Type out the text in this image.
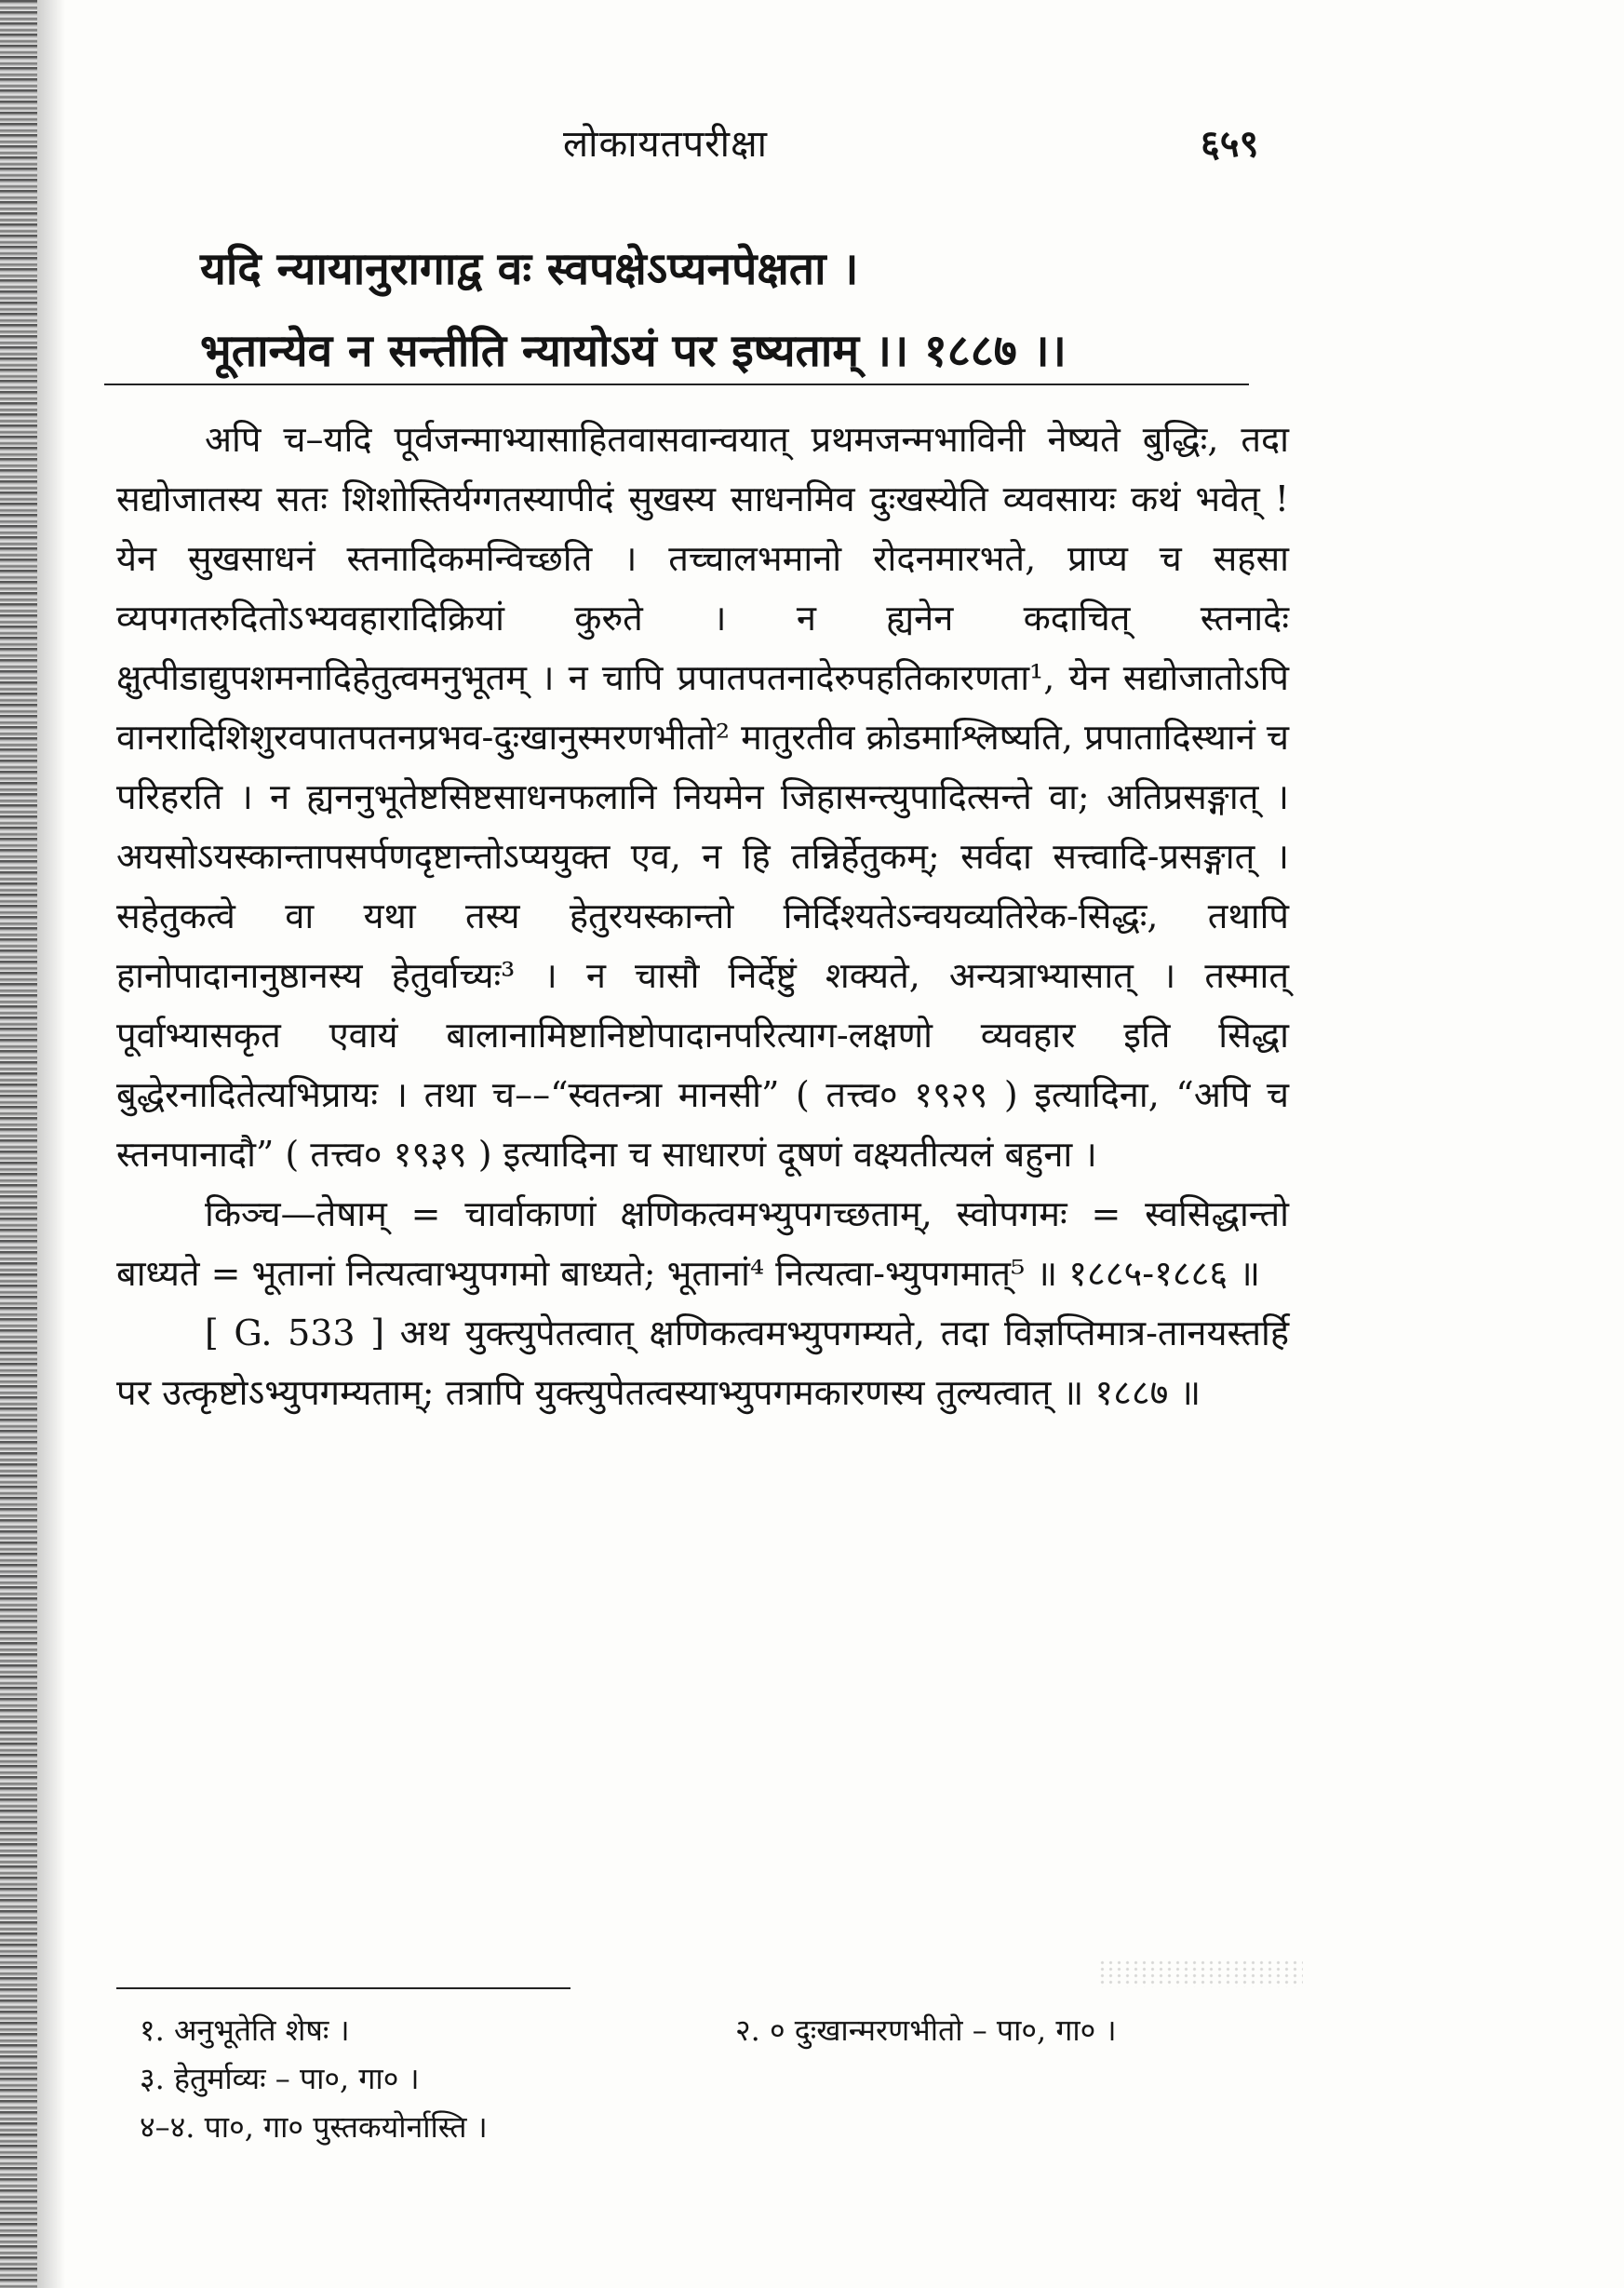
लोकायतपरीक्षा	६५९
यदि न्यायानुरागाद्व वः स्वपक्षेऽप्यनपेक्षता ।
भूतान्येव न सन्तीति न्यायोऽयं पर इष्यताम् ।। १८८७ ।।

अपि च–यदि पूर्वजन्माभ्यासाहितवासवान्वयात् प्रथमजन्मभाविनी नेष्यते बुद्धिः, तदा सद्योजातस्य सतः शिशोस्तिर्यग्गतस्यापीदं सुखस्य साधनमिव दुःखस्येति व्यवसायः कथं भवेत् ! येन सुखसाधनं स्तनादिकमन्विच्छति । तच्चालभमानो रोदनमारभते, प्राप्य च सहसा व्यपगतरुदितोऽभ्यवहारादिक्रियां कुरुते । न ह्यनेन कदाचित् स्तनादेः क्षुत्पीडाद्युपशमनादिहेतुत्वमनुभूतम् । न चापि प्रपातपतनादेरुपहतिकारणता¹, येन सद्योजातोऽपि वानरादिशिशुरवपातपतनप्रभव-दुःखानुस्मरणभीतो² मातुरतीव क्रोडमाश्लिष्यति, प्रपातादिस्थानं च परिहरति । न ह्यननुभूतेष्टसिष्टसाधनफलानि नियमेन जिहासन्त्युपादित्सन्ते वा; अतिप्रसङ्गात् । अयसोऽयस्कान्तापसर्पणदृष्टान्तोऽप्ययुक्त एव, न हि तन्निर्हेतुकम्; सर्वदा सत्त्वादि-प्रसङ्गात् । सहेतुकत्वे वा यथा तस्य हेतुरयस्कान्तो निर्दिश्यतेऽन्वयव्यतिरेक-सिद्धः, तथापि हानोपादानानुष्ठानस्य हेतुर्वाच्यः³ । न चासौ निर्देष्टुं शक्यते, अन्यत्राभ्यासात् । तस्मात् पूर्वाभ्यासकृत एवायं बालानामिष्टानिष्टोपादानपरित्याग-लक्षणो व्यवहार इति सिद्धा बुद्धेरनादितेत्यभिप्रायः । तथा च––“स्वतन्त्रा मानसी” ( तत्त्व० १९२९ ) इत्यादिना, “अपि च स्तनपानादौ” ( तत्त्व० १९३९ ) इत्यादिना च साधारणं दूषणं वक्ष्यतीत्यलं बहुना ।

किञ्च—तेषाम् = चार्वाकाणां क्षणिकत्वमभ्युपगच्छताम्, स्वोपगमः = स्वसिद्धान्तो बाध्यते = भूतानां नित्यत्वाभ्युपगमो बाध्यते; भूतानां⁴ नित्यत्वा-भ्युपगमात्⁵ ॥ १८८५-१८८६ ॥

[ G. 533 ] अथ युक्त्युपेतत्वात् क्षणिकत्वमभ्युपगम्यते, तदा विज्ञप्तिमात्र-तानयस्तर्हि पर उत्कृष्टोऽभ्युपगम्यताम्; तत्रापि युक्त्युपेतत्वस्याभ्युपगमकारणस्य तुल्यत्वात् ॥ १८८७ ॥

१. अनुभूतेति शेषः ।	२. ० दुःखान्मरणभीतो – पा०, गा० ।
३. हेतुर्माव्यः – पा०, गा० ।
४–४. पा०, गा० पुस्तकयोर्नास्ति ।
